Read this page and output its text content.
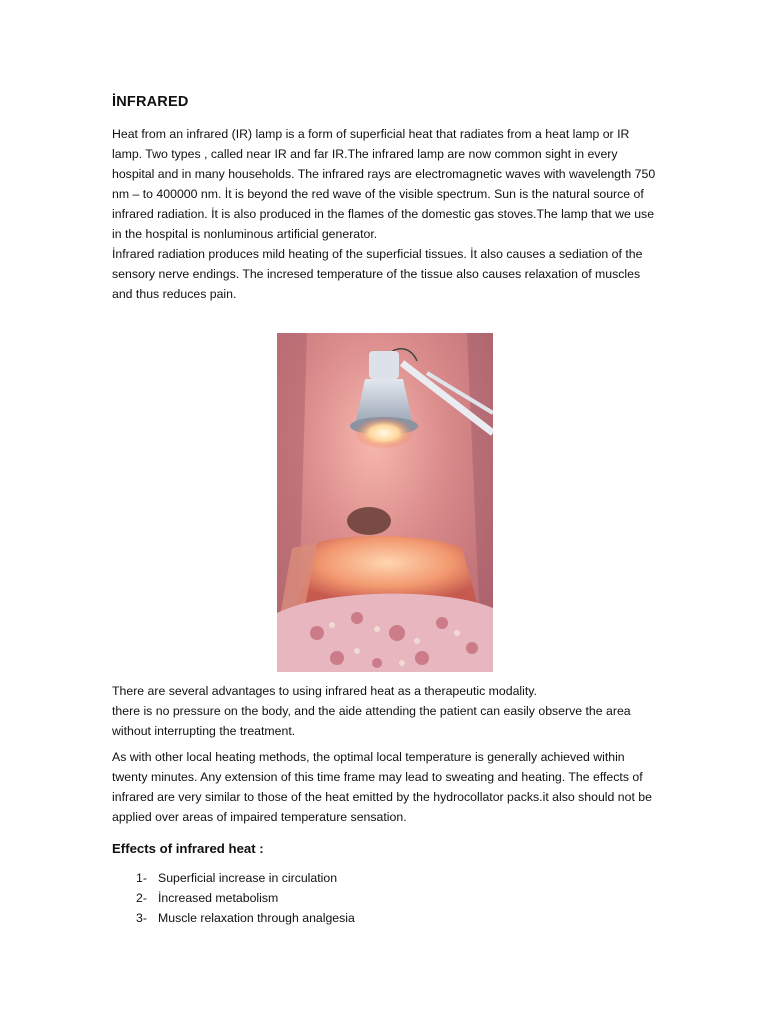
İNFRARED

Heat from an infrared (IR) lamp is a form of superficial heat that radiates from a heat lamp or IR lamp. Two types , called near IR and far IR.The infrared lamp are now common sight in every hospital and in many households. The infrared rays are electromagnetic waves with wavelength 750 nm – to 400000 nm. İt is beyond the red wave of the visible spectrum. Sun is the natural source of infrared radiation. İt is also produced in the flames of the domestic gas stoves.The lamp that we use in the hospital is nonluminous artificial generator.

İnfrared radiation produces mild heating of the superficial tissues. İt also causes a sediation of the sensory nerve endings. The incresed temperature of the tissue also causes relaxation of muscles and thus reduces pain.

There are several advantages to using infrared heat as a therapeutic modality.

there is no pressure on the body, and the aide attending the patient can easily observe the area without interrupting the treatment.

As with other local heating methods, the optimal local temperature is generally achieved within twenty minutes. Any extension of this time frame may lead to sweating and heating. The effects of infrared are very similar to those of the heat emitted by the hydrocollator packs.it also should not be applied over areas of impaired temperature sensation.

Effects of infrared heat :
1- Superficial increase in circulation
2- İncreased metabolism
3- Muscle relaxation through analgesia
